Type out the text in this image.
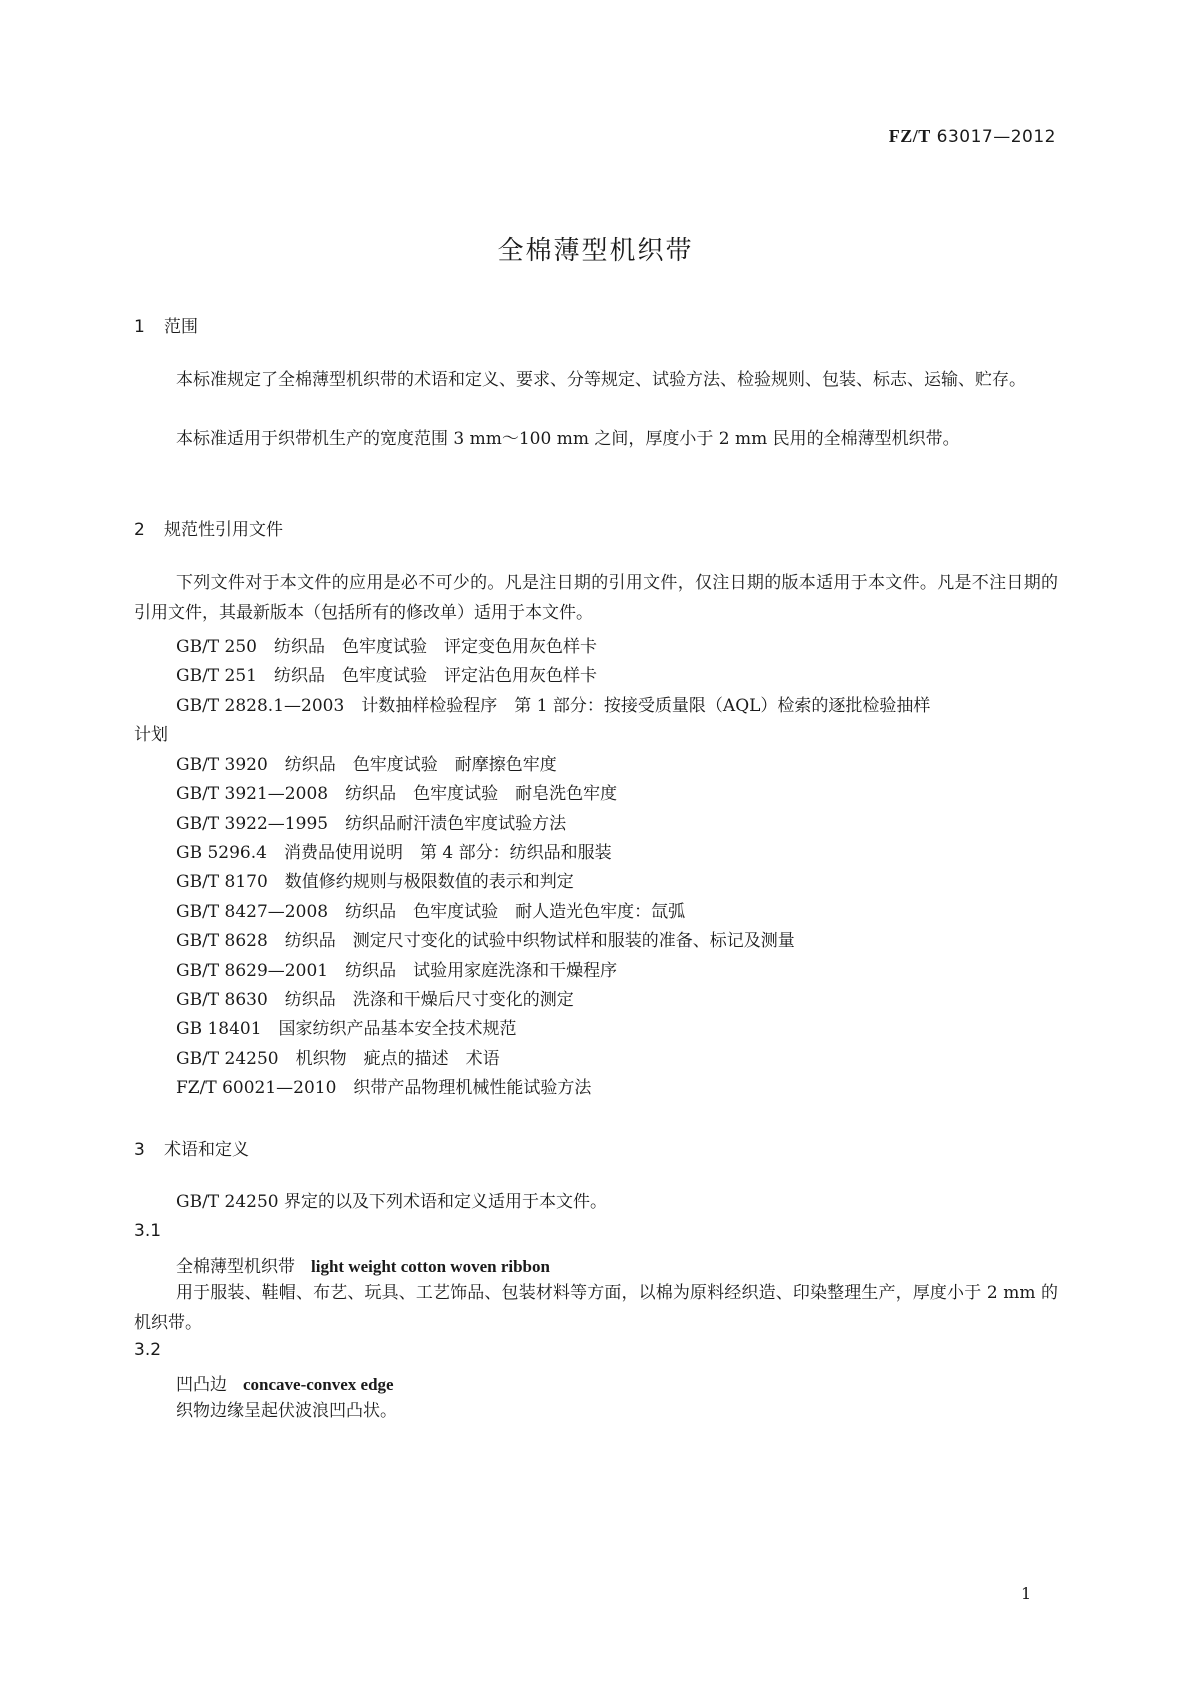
FZ/T 63017—2012
全棉薄型机织带
1 范围

本标准规定了全棉薄型机织带的术语和定义、要求、分等规定、试验方法、检验规则、包装、标志、运输、贮存。

本标准适用于织带机生产的宽度范围 3 mm～100 mm 之间，厚度小于 2 mm 民用的全棉薄型机织带。

2 规范性引用文件

下列文件对于本文件的应用是必不可少的。凡是注日期的引用文件，仅注日期的版本适用于本文件。凡是不注日期的引用文件，其最新版本（包括所有的修改单）适用于本文件。

GB/T 250　纺织品　色牢度试验　评定变色用灰色样卡
GB/T 251　纺织品　色牢度试验　评定沾色用灰色样卡
GB/T 2828.1—2003　计数抽样检验程序　第 1 部分：按接受质量限（AQL）检索的逐批检验抽样
计划
GB/T 3920　纺织品　色牢度试验　耐摩擦色牢度
GB/T 3921—2008　纺织品　色牢度试验　耐皂洗色牢度
GB/T 3922—1995　纺织品耐汗渍色牢度试验方法
GB 5296.4　消费品使用说明　第 4 部分：纺织品和服装
GB/T 8170　数值修约规则与极限数值的表示和判定
GB/T 8427—2008　纺织品　色牢度试验　耐人造光色牢度：氙弧
GB/T 8628　纺织品　测定尺寸变化的试验中织物试样和服装的准备、标记及测量
GB/T 8629—2001　纺织品　试验用家庭洗涤和干燥程序
GB/T 8630　纺织品　洗涤和干燥后尺寸变化的测定
GB 18401　国家纺织产品基本安全技术规范
GB/T 24250　机织物　疵点的描述　术语
FZ/T 60021—2010　织带产品物理机械性能试验方法
3 术语和定义

GB/T 24250 界定的以及下列术语和定义适用于本文件。

3.1
全棉薄型机织带 light weight cotton woven ribbon

用于服装、鞋帽、布艺、玩具、工艺饰品、包装材料等方面，以棉为原料经织造、印染整理生产，厚度小于 2 mm 的机织带。

3.2
凹凸边 concave-convex edge

织物边缘呈起伏波浪凹凸状。

1
